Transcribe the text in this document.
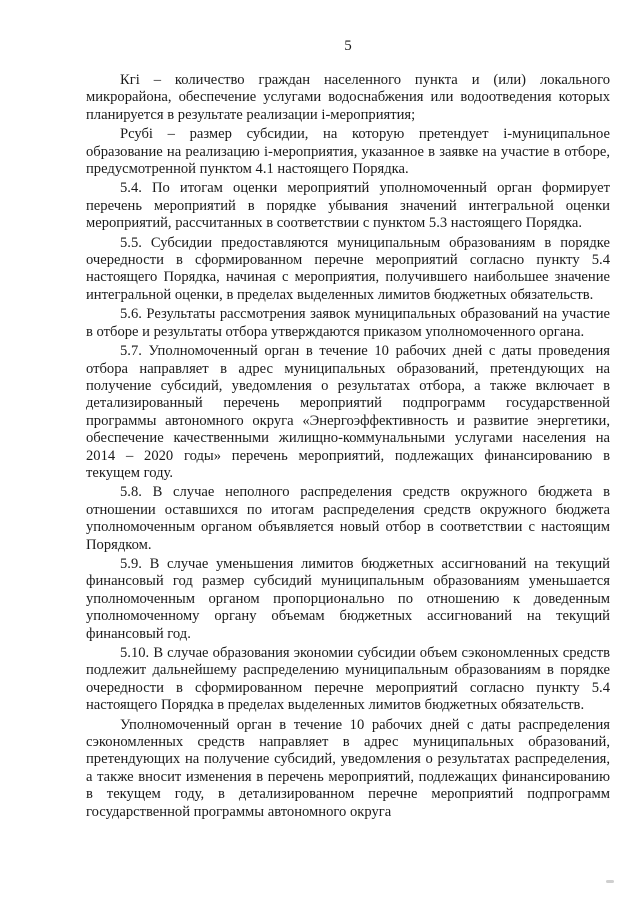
5

Кгi – количество граждан населенного пункта и (или) локального микрорайона, обеспечение услугами водоснабжения или водоотведения которых планируется в результате реализации i-мероприятия;

Рсубi – размер субсидии, на которую претендует i-муниципальное образование на реализацию i-мероприятия, указанное в заявке на участие в отборе, предусмотренной пунктом 4.1 настоящего Порядка.

5.4. По итогам оценки мероприятий уполномоченный орган формирует перечень мероприятий в порядке убывания значений интегральной оценки мероприятий, рассчитанных в соответствии с пунктом 5.3 настоящего Порядка.

5.5. Субсидии предоставляются муниципальным образованиям в порядке очередности в сформированном перечне мероприятий согласно пункту 5.4 настоящего Порядка, начиная с мероприятия, получившего наибольшее значение интегральной оценки, в пределах выделенных лимитов бюджетных обязательств.

5.6. Результаты рассмотрения заявок муниципальных образований на участие в отборе и результаты отбора утверждаются приказом уполномоченного органа.

5.7. Уполномоченный орган в течение 10 рабочих дней с даты проведения отбора направляет в адрес муниципальных образований, претендующих на получение субсидий, уведомления о результатах отбора, а также включает в детализированный перечень мероприятий подпрограмм государственной программы автономного округа «Энергоэффективность и развитие энергетики, обеспечение качественными жилищно-коммунальными услугами населения на 2014 – 2020 годы» перечень мероприятий, подлежащих финансированию в текущем году.

5.8. В случае неполного распределения средств окружного бюджета в отношении оставшихся по итогам распределения средств окружного бюджета уполномоченным органом объявляется новый отбор в соответствии с настоящим Порядком.

5.9. В случае уменьшения лимитов бюджетных ассигнований на текущий финансовый год размер субсидий муниципальным образованиям уменьшается уполномоченным органом пропорционально по отношению к доведенным уполномоченному органу объемам бюджетных ассигнований на текущий финансовый год.

5.10. В случае образования экономии субсидии объем сэкономленных средств подлежит дальнейшему распределению муниципальным образованиям в порядке очередности в сформированном перечне мероприятий согласно пункту 5.4 настоящего Порядка в пределах выделенных лимитов бюджетных обязательств.

Уполномоченный орган в течение 10 рабочих дней с даты распределения сэкономленных средств направляет в адрес муниципальных образований, претендующих на получение субсидий, уведомления о результатах распределения, а также вносит изменения в перечень мероприятий, подлежащих финансированию в текущем году, в детализированном перечне мероприятий подпрограмм государственной программы автономного округа
